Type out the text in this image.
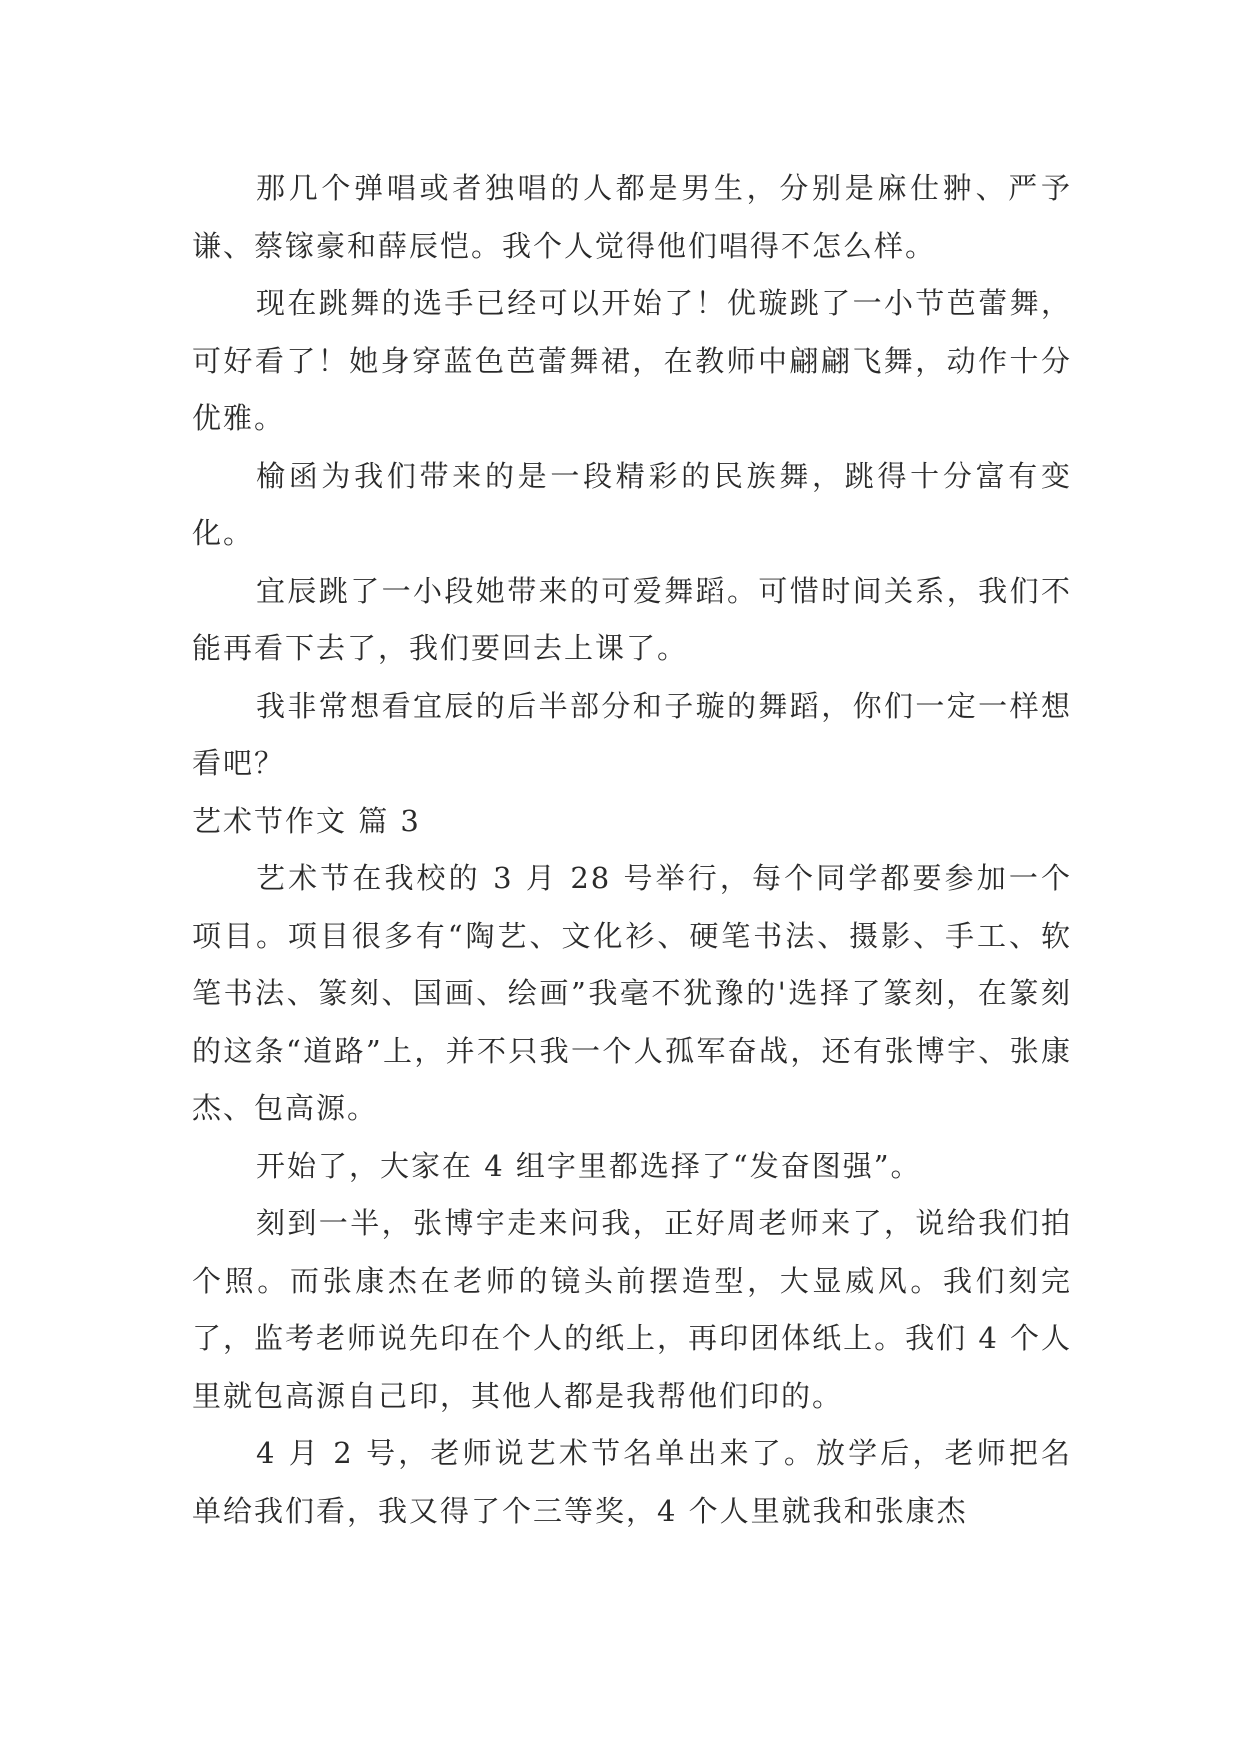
那几个弹唱或者独唱的人都是男生，分别是麻仕翀、严予谦、蔡镓豪和薛辰恺。我个人觉得他们唱得不怎么样。

现在跳舞的选手已经可以开始了！优璇跳了一小节芭蕾舞，可好看了！她身穿蓝色芭蕾舞裙，在教师中翩翩飞舞，动作十分优雅。

榆函为我们带来的是一段精彩的民族舞，跳得十分富有变化。

宜辰跳了一小段她带来的可爱舞蹈。可惜时间关系，我们不能再看下去了，我们要回去上课了。

我非常想看宜辰的后半部分和子璇的舞蹈，你们一定一样想看吧？

艺术节作文 篇 3

艺术节在我校的 3 月 28 号举行，每个同学都要参加一个项目。项目很多有“陶艺、文化衫、硬笔书法、摄影、手工、软笔书法、篆刻、国画、绘画”我毫不犹豫的'选择了篆刻，在篆刻的这条“道路”上，并不只我一个人孤军奋战，还有张博宇、张康杰、包高源。

开始了，大家在 4 组字里都选择了“发奋图强”。

刻到一半，张博宇走来问我，正好周老师来了，说给我们拍个照。而张康杰在老师的镜头前摆造型，大显威风。我们刻完了，监考老师说先印在个人的纸上，再印团体纸上。我们 4 个人里就包高源自己印，其他人都是我帮他们印的。

4 月 2 号，老师说艺术节名单出来了。放学后，老师把名单给我们看，我又得了个三等奖，4 个人里就我和张康杰
